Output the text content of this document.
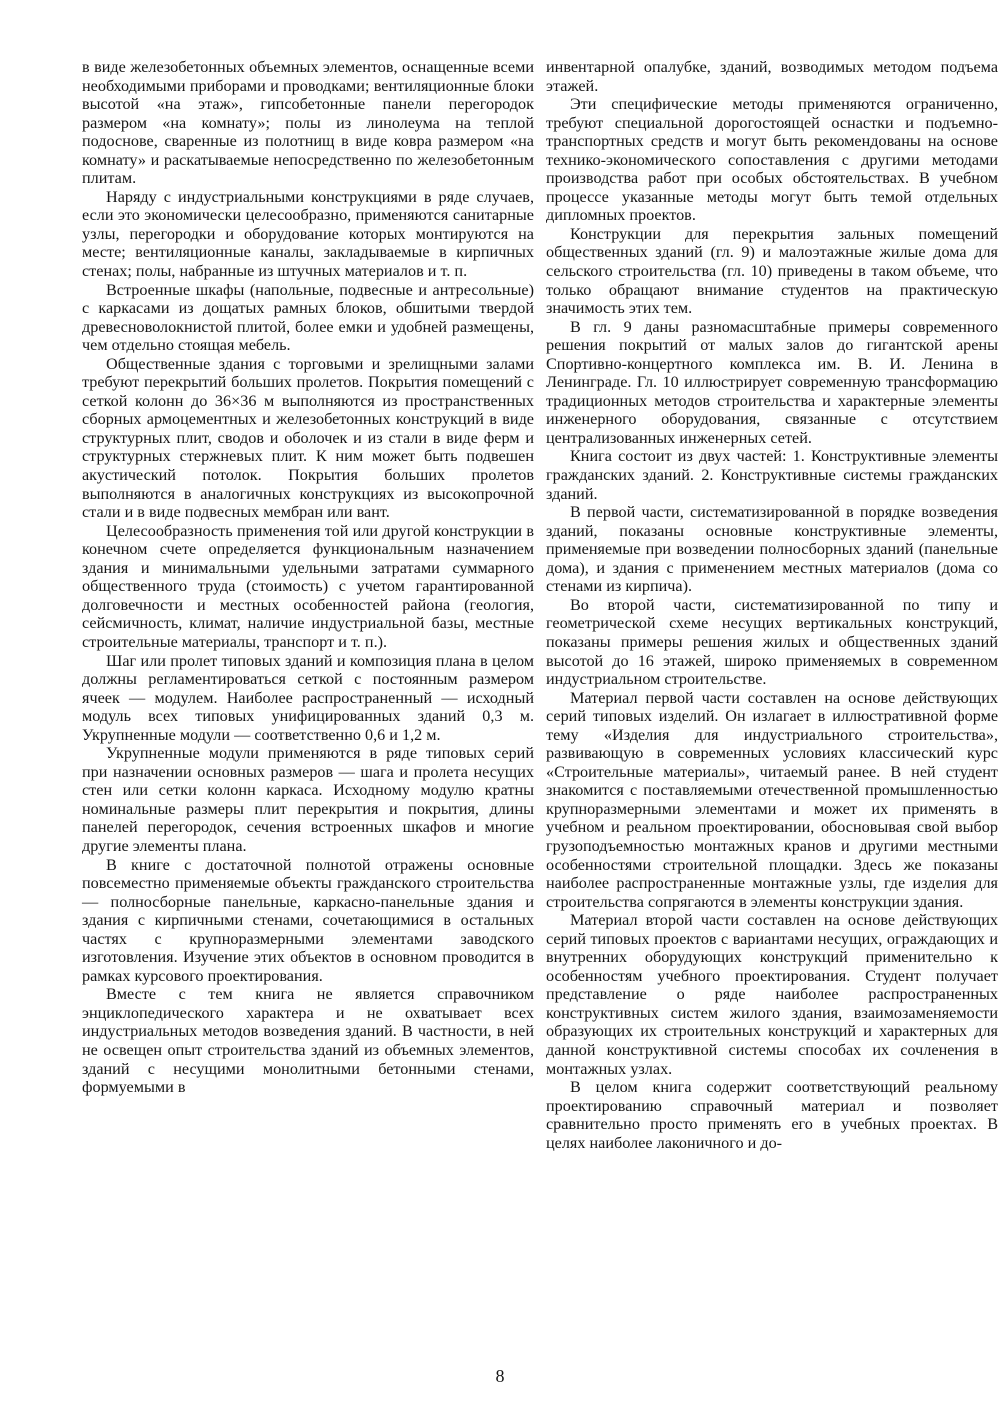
в виде железобетонных объемных элементов, оснащенные всеми необходимыми приборами и проводками; вентиляционные блоки высотой «на этаж», гипсобетонные панели перегородок размером «на комнату»; полы из линолеума на теплой подоснове, сваренные из полотнищ в виде ковра размером «на комнату» и раскатываемые непосредственно по железобетонным плитам.

Наряду с индустриальными конструкциями в ряде случаев, если это экономически целесообразно, применяются санитарные узлы, перегородки и оборудование которых монтируются на месте; вентиляционные каналы, закладываемые в кирпичных стенах; полы, набранные из штучных материалов и т. п.

Встроенные шкафы (напольные, подвесные и антресольные) с каркасами из дощатых рамных блоков, обшитыми твердой древесноволокнистой плитой, более емки и удобней размещены, чем отдельно стоящая мебель.

Общественные здания с торговыми и зрелищными залами требуют перекрытий больших пролетов. Покрытия помещений с сеткой колонн до 36×36 м выполняются из пространственных сборных армоцементных и железобетонных конструкций в виде структурных плит, сводов и оболочек и из стали в виде ферм и структурных стержневых плит. К ним может быть подвешен акустический потолок. Покрытия больших пролетов выполняются в аналогичных конструкциях из высокопрочной стали и в виде подвесных мембран или вант.

Целесообразность применения той или другой конструкции в конечном счете определяется функциональным назначением здания и минимальными удельными затратами суммарного общественного труда (стоимость) с учетом гарантированной долговечности и местных особенностей района (геология, сейсмичность, климат, наличие индустриальной базы, местные строительные материалы, транспорт и т. п.).

Шаг или пролет типовых зданий и композиция плана в целом должны регламентироваться сеткой с постоянным размером ячеек — модулем. Наиболее распространенный — исходный модуль всех типовых унифицированных зданий 0,3 м. Укрупненные модули — соответственно 0,6 и 1,2 м.

Укрупненные модули применяются в ряде типовых серий при назначении основных размеров — шага и пролета несущих стен или сетки колонн каркаса. Исходному модулю кратны номинальные размеры плит перекрытия и покрытия, длины панелей перегородок, сечения встроенных шкафов и многие другие элементы плана.

В книге с достаточной полнотой отражены основные повсеместно применяемые объекты гражданского строительства — полносборные панельные, каркасно-панельные здания и здания с кирпичными стенами, сочетающимися в остальных частях с крупноразмерными элементами заводского изготовления. Изучение этих объектов в основном проводится в рамках курсового проектирования.

Вместе с тем книга не является справочником энциклопедического характера и не охватывает всех индустриальных методов возведения зданий. В частности, в ней не освещен опыт строительства зданий из объемных элементов, зданий с несущими монолитными бетонными стенами, формуемыми в

инвентарной опалубке, зданий, возводимых методом подъема этажей.

Эти специфические методы применяются ограниченно, требуют специальной дорогостоящей оснастки и подъемно-транспортных средств и могут быть рекомендованы на основе технико-экономического сопоставления с другими методами производства работ при особых обстоятельствах. В учебном процессе указанные методы могут быть темой отдельных дипломных проектов.

Конструкции для перекрытия зальных помещений общественных зданий (гл. 9) и малоэтажные жилые дома для сельского строительства (гл. 10) приведены в таком объеме, что только обращают внимание студентов на практическую значимость этих тем.

В гл. 9 даны разномасштабные примеры современного решения покрытий от малых залов до гигантской арены Спортивно-концертного комплекса им. В. И. Ленина в Ленинграде. Гл. 10 иллюстрирует современную трансформацию традиционных методов строительства и характерные элементы инженерного оборудования, связанные с отсутствием централизованных инженерных сетей.

Книга состоит из двух частей: 1. Конструктивные элементы гражданских зданий. 2. Конструктивные системы гражданских зданий.

В первой части, систематизированной в порядке возведения зданий, показаны основные конструктивные элементы, применяемые при возведении полносборных зданий (панельные дома), и здания с применением местных материалов (дома со стенами из кирпича).

Во второй части, систематизированной по типу и геометрической схеме несущих вертикальных конструкций, показаны примеры решения жилых и общественных зданий высотой до 16 этажей, широко применяемых в современном индустриальном строительстве.

Материал первой части составлен на основе действующих серий типовых изделий. Он излагает в иллюстративной форме тему «Изделия для индустриального строительства», развивающую в современных условиях классический курс «Строительные материалы», читаемый ранее. В ней студент знакомится с поставляемыми отечественной промышленностью крупноразмерными элементами и может их применять в учебном и реальном проектировании, обосновывая свой выбор грузоподъемностью монтажных кранов и другими местными особенностями строительной площадки. Здесь же показаны наиболее распространенные монтажные узлы, где изделия для строительства сопрягаются в элементы конструкции здания.

Материал второй части составлен на основе действующих серий типовых проектов с вариантами несущих, ограждающих и внутренних оборудующих конструкций применительно к особенностям учебного проектирования. Студент получает представление о ряде наиболее распространенных конструктивных систем жилого здания, взаимозаменяемости образующих их строительных конструкций и характерных для данной конструктивной системы способах их сочленения в монтажных узлах.

В целом книга содержит соответствующий реальному проектированию справочный материал и позволяет сравнительно просто применять его в учебных проектах. В целях наиболее лаконичного и до-

8
